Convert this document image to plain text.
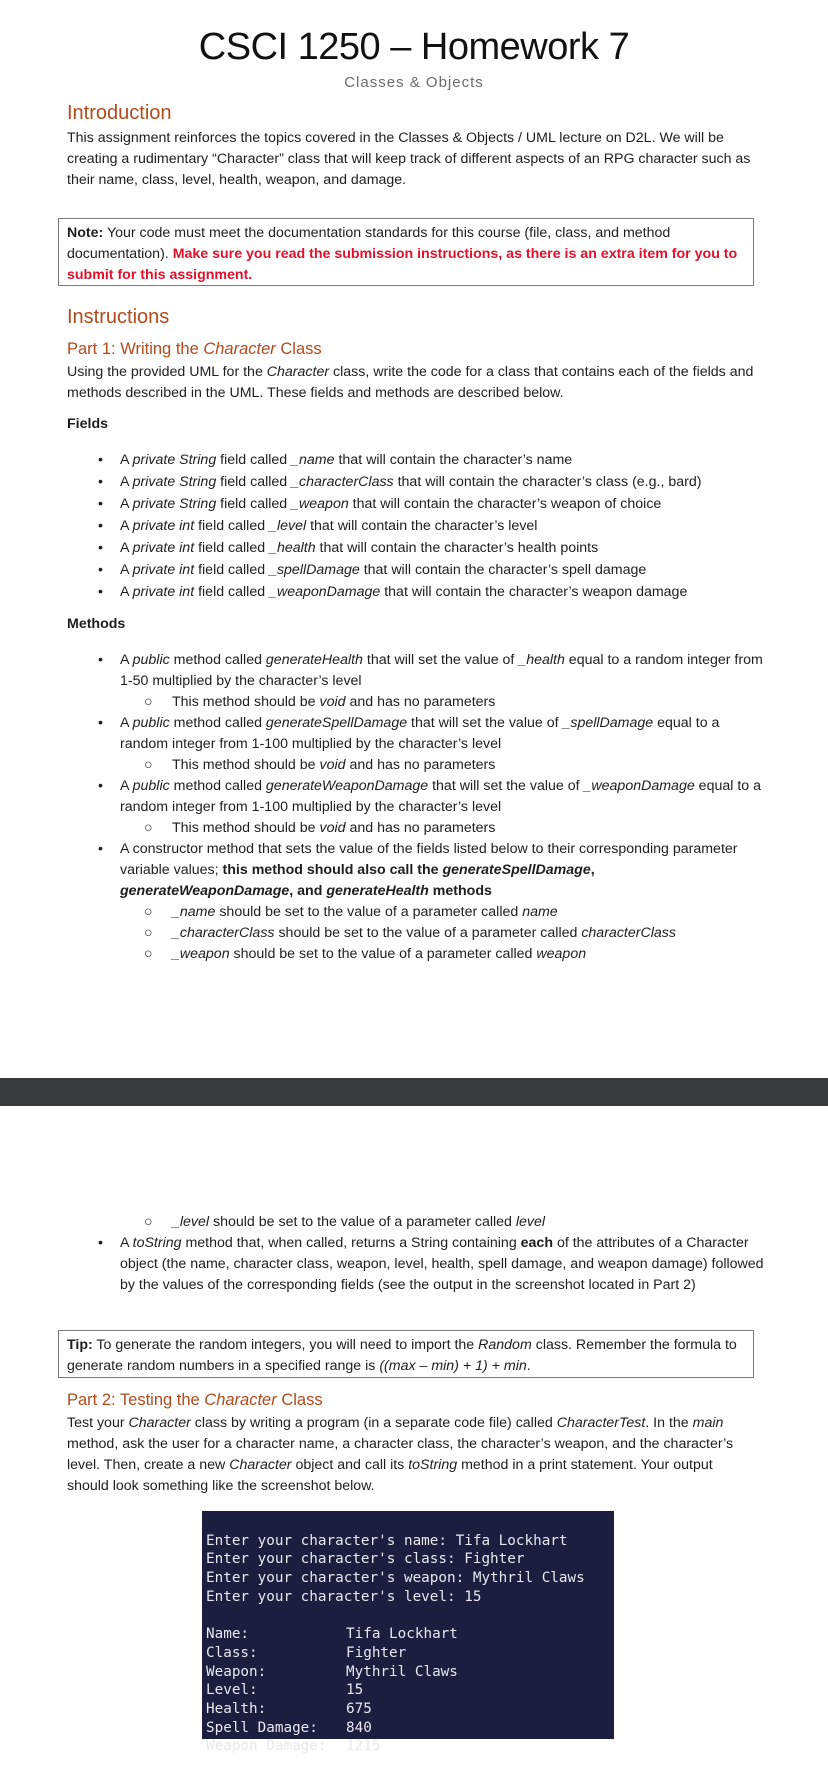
CSCI 1250 – Homework 7
Classes & Objects
Introduction
This assignment reinforces the topics covered in the Classes & Objects / UML lecture on D2L. We will be creating a rudimentary “Character” class that will keep track of different aspects of an RPG character such as their name, class, level, health, weapon, and damage.
Note: Your code must meet the documentation standards for this course (file, class, and method documentation). Make sure you read the submission instructions, as there is an extra item for you to submit for this assignment.
Instructions
Part 1: Writing the Character Class
Using the provided UML for the Character class, write the code for a class that contains each of the fields and methods described in the UML. These fields and methods are described below.
Fields
• A private String field called _name that will contain the character’s name
• A private String field called _characterClass that will contain the character’s class (e.g., bard)
• A private String field called _weapon that will contain the character’s weapon of choice
• A private int field called _level that will contain the character’s level
• A private int field called _health that will contain the character’s health points
• A private int field called _spellDamage that will contain the character’s spell damage
• A private int field called _weaponDamage that will contain the character’s weapon damage
Methods
• A public method called generateHealth that will set the value of _health equal to a random integer from 1-50 multiplied by the character’s level
○ This method should be void and has no parameters
• A public method called generateSpellDamage that will set the value of _spellDamage equal to a random integer from 1-100 multiplied by the character’s level
○ This method should be void and has no parameters
• A public method called generateWeaponDamage that will set the value of _weaponDamage equal to a random integer from 1-100 multiplied by the character’s level
○ This method should be void and has no parameters
• A constructor method that sets the value of the fields listed below to their corresponding parameter variable values; this method should also call the generateSpellDamage, generateWeaponDamage, and generateHealth methods
○ _name should be set to the value of a parameter called name
○ _characterClass should be set to the value of a parameter called characterClass
○ _weapon should be set to the value of a parameter called weapon
○ _level should be set to the value of a parameter called level
• A toString method that, when called, returns a String containing each of the attributes of a Character object (the name, character class, weapon, level, health, spell damage, and weapon damage) followed by the values of the corresponding fields (see the output in the screenshot located in Part 2)
Tip: To generate the random integers, you will need to import the Random class. Remember the formula to generate random numbers in a specified range is ((max – min) + 1) + min.
Part 2: Testing the Character Class
Test your Character class by writing a program (in a separate code file) called CharacterTest. In the main method, ask the user for a character name, a character class, the character’s weapon, and the character’s level. Then, create a new Character object and call its toString method in a print statement. Your output should look something like the screenshot below.

Enter your character's name: Tifa Lockhart
Enter your character's class: Fighter
Enter your character's weapon: Mythril Claws
Enter your character's level: 15
Name:	Tifa Lockhart
Class:	Fighter
Weapon:	Mythril Claws
Level:	15
Health:	675
Spell Damage: 840
Weapon Damage: 1215
